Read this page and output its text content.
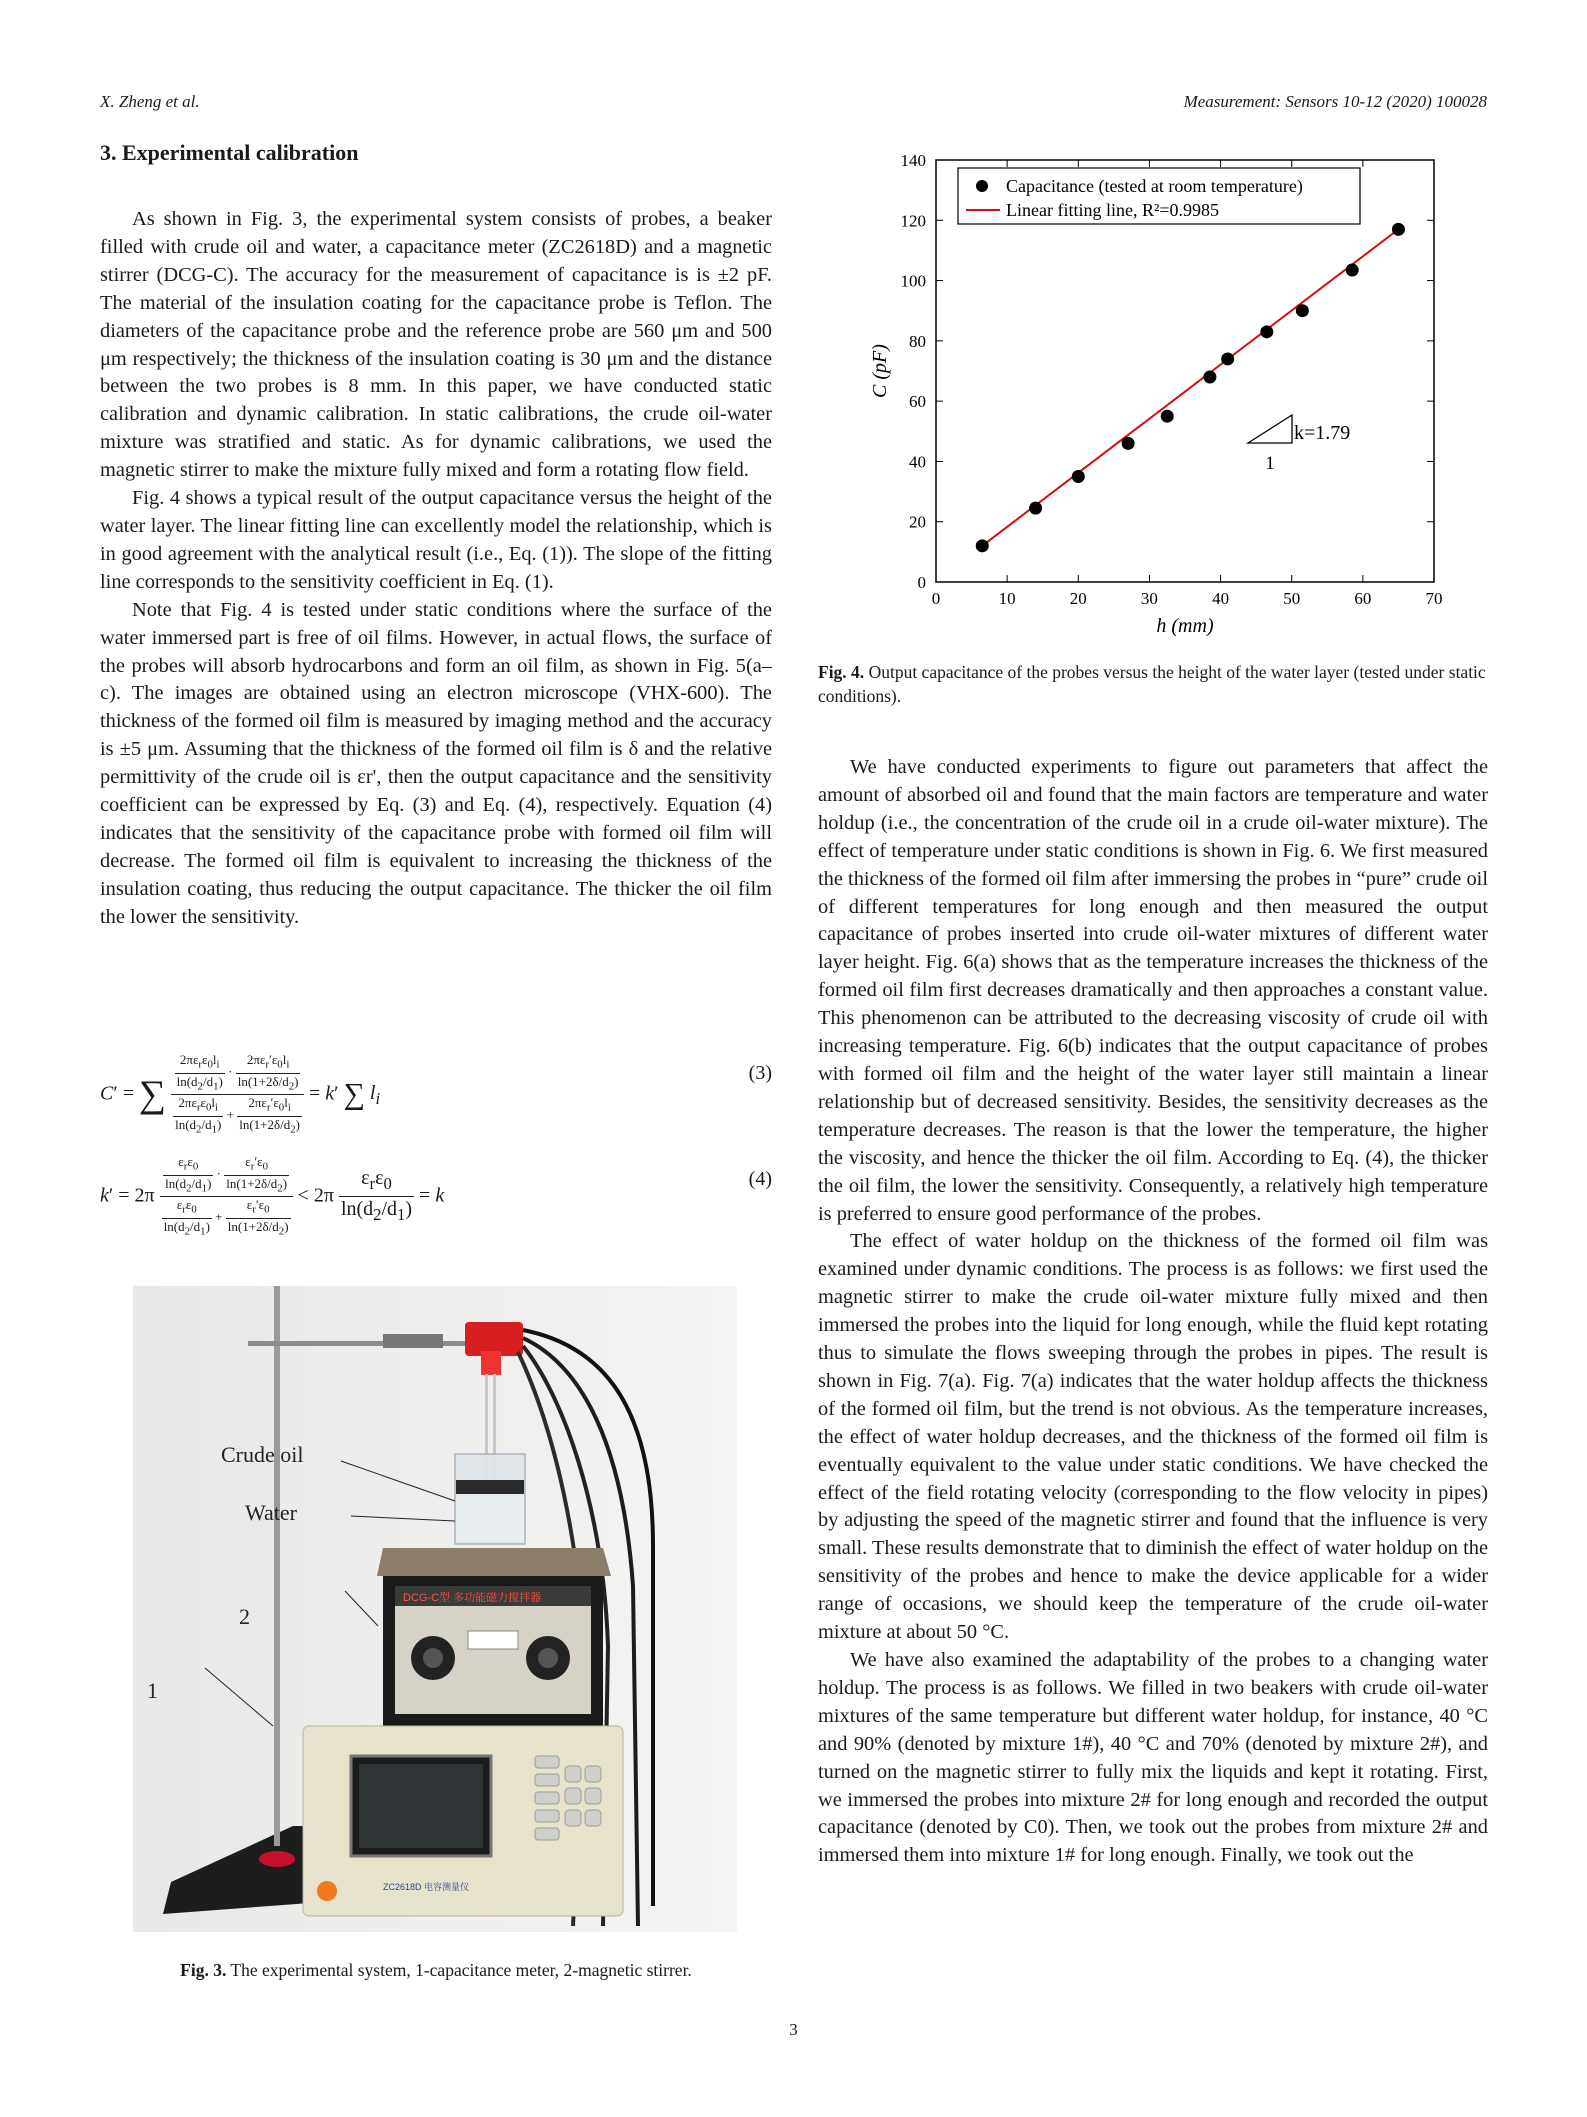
X. Zheng et al.	Measurement: Sensors 10-12 (2020) 100028
3. Experimental calibration

As shown in Fig. 3, the experimental system consists of probes, a beaker filled with crude oil and water, a capacitance meter (ZC2618D) and a magnetic stirrer (DCG-C). The accuracy for the measurement of capacitance is is ±2 pF. The material of the insulation coating for the capacitance probe is Teflon. The diameters of the capacitance probe and the reference probe are 560 μm and 500 μm respectively; the thickness of the insulation coating is 30 μm and the distance between the two probes is 8 mm. In this paper, we have conducted static calibration and dynamic calibration. In static calibrations, the crude oil-water mixture was stratified and static. As for dynamic calibrations, we used the magnetic stirrer to make the mixture fully mixed and form a rotating flow field.

Fig. 4 shows a typical result of the output capacitance versus the height of the water layer. The linear fitting line can excellently model the relationship, which is in good agreement with the analytical result (i.e., Eq. (1)). The slope of the fitting line corresponds to the sensitivity coefficient in Eq. (1).

Note that Fig. 4 is tested under static conditions where the surface of the water immersed part is free of oil films. However, in actual flows, the surface of the probes will absorb hydrocarbons and form an oil film, as shown in Fig. 5(a–c). The images are obtained using an electron microscope (VHX-600). The thickness of the formed oil film is measured by imaging method and the accuracy is ±5 μm. Assuming that the thickness of the formed oil film is δ and the relative permittivity of the crude oil is εr', then the output capacitance and the sensitivity coefficient can be expressed by Eq. (3) and Eq. (4), respectively. Equation (4) indicates that the sensitivity of the capacitance probe with formed oil film will decrease. The formed oil film is equivalent to increasing the thickness of the insulation coating, thus reducing the output capacitance. The thicker the oil film the lower the sensitivity.

C′ = ∑ $\frac{\frac{2\pi\varepsilon_r\varepsilon_0l_i}{\ln(d_2/d_1)} \cdot \frac{2\pi\varepsilon_r'\varepsilon_0l_i}{\ln(1+2\delta/d_2)}}{\frac{2\pi\varepsilon_r\varepsilon_0l_i}{\ln(d_2/d_1)} + \frac{2\pi\varepsilon_r'\varepsilon_0l_i}{\ln(1+2\delta/d_2)}} = k'$ ∑ $l_i$
(3)
$k' = 2\pi \frac{\frac{\varepsilon_r\varepsilon_0}{\ln(d_2/d_1)} \cdot \frac{\varepsilon_r'\varepsilon_0}{\ln(1+2\delta/d_2)}}{\frac{\varepsilon_r\varepsilon_0}{\ln(d_2/d_1)} + \frac{\varepsilon_r'\varepsilon_0}{\ln(1+2\delta/d_2)}} < 2\pi \frac{\varepsilon_r\varepsilon_0}{\ln(d_2/d_1)} = k$
(4)
DCG-C型 多功能磁力搅拌器
ZC2618D 电容测量仪
Crude oil
Water
2
1
Fig. 3. The experimental system, 1-capacitance meter, 2-magnetic stirrer.
0	10	20	30	40	50	60	70
0
20
40
60
80
100
120
140
h (mm)
C (pF)
k=1.79
1
Capacitance (tested at room temperature)
Linear fitting line, R²=0.9985
Fig. 4. Output capacitance of the probes versus the height of the water layer (tested under static conditions).

We have conducted experiments to figure out parameters that affect the amount of absorbed oil and found that the main factors are temperature and water holdup (i.e., the concentration of the crude oil in a crude oil-water mixture). The effect of temperature under static conditions is shown in Fig. 6. We first measured the thickness of the formed oil film after immersing the probes in “pure” crude oil of different temperatures for long enough and then measured the output capacitance of probes inserted into crude oil-water mixtures of different water layer height. Fig. 6(a) shows that as the temperature increases the thickness of the formed oil film first decreases dramatically and then approaches a constant value. This phenomenon can be attributed to the decreasing viscosity of crude oil with increasing temperature. Fig. 6(b) indicates that the output capacitance of probes with formed oil film and the height of the water layer still maintain a linear relationship but of decreased sensitivity. Besides, the sensitivity decreases as the temperature decreases. The reason is that the lower the temperature, the higher the viscosity, and hence the thicker the oil film. According to Eq. (4), the thicker the oil film, the lower the sensitivity. Consequently, a relatively high temperature is preferred to ensure good performance of the probes.

The effect of water holdup on the thickness of the formed oil film was examined under dynamic conditions. The process is as follows: we first used the magnetic stirrer to make the crude oil-water mixture fully mixed and then immersed the probes into the liquid for long enough, while the fluid kept rotating thus to simulate the flows sweeping through the probes in pipes. The result is shown in Fig. 7(a). Fig. 7(a) indicates that the water holdup affects the thickness of the formed oil film, but the trend is not obvious. As the temperature increases, the effect of water holdup decreases, and the thickness of the formed oil film is eventually equivalent to the value under static conditions. We have checked the effect of the field rotating velocity (corresponding to the flow velocity in pipes) by adjusting the speed of the magnetic stirrer and found that the influence is very small. These results demonstrate that to diminish the effect of water holdup on the sensitivity of the probes and hence to make the device applicable for a wider range of occasions, we should keep the temperature of the crude oil-water mixture at about 50 °C.

We have also examined the adaptability of the probes to a changing water holdup. The process is as follows. We filled in two beakers with crude oil-water mixtures of the same temperature but different water holdup, for instance, 40 °C and 90% (denoted by mixture 1#), 40 °C and 70% (denoted by mixture 2#), and turned on the magnetic stirrer to fully mix the liquids and kept it rotating. First, we immersed the probes into mixture 2# for long enough and recorded the output capacitance (denoted by C0). Then, we took out the probes from mixture 2# and immersed them into mixture 1# for long enough. Finally, we took out the

3
